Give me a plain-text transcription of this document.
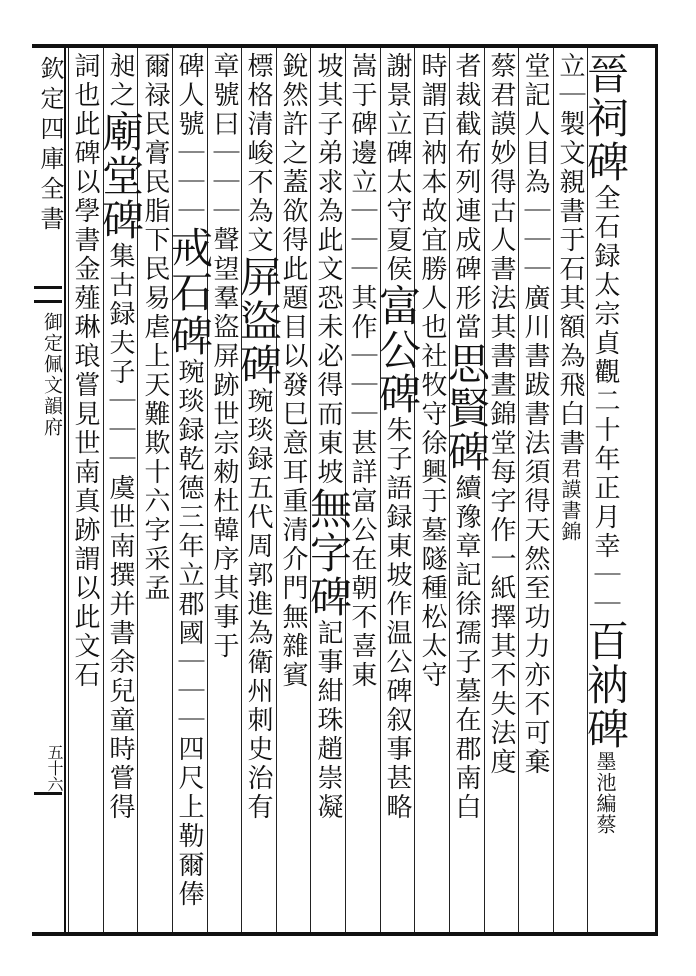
欽定四庫全書
御定佩文韻府
五十六
晉祠碑全石録太宗貞觀二十年正月幸｜｜百衲碑墨池編蔡
立｜製文親書于石其額為飛白書君謨書錦
堂記人目為｜｜｜廣川書跋書法須得天然至功力亦不可棄
蔡君謨妙得古人書法其書晝錦堂每字作一紙擇其不失法度
者裁截布列連成碑形當思賢碑續豫章記徐孺子墓在郡南白
時謂百衲本故宜勝人也社牧守徐興于墓隧種松太守
謝景立碑太守夏侯富公碑朱子語録東坡作温公碑叙事甚略
嵩于碑邊立｜｜｜其作｜｜｜甚詳富公在朝不喜東
坡其子弟求為此文恐未必得而東坡無字碑記事紺珠趙崇凝
銳然許之蓋欲得此題目以發巳意耳重清介門無雜賓
標格清峻不為文屏盜碑琬琰録五代周郭進為衛州刺史治有
章號曰｜｜｜聲望羣盜屏跡世宗勑杜韓序其事于
碑人號｜｜｜戒石碑琬琰録乾德三年立郡國｜｜｜四尺上勒爾俸
爾禄民膏民脂下民易虐上天難欺十六字采孟
昶之廟堂碑集古録夫子｜｜｜虞世南撰并書余兒童時嘗得
詞也此碑以學書金薤琳琅嘗見世南真跡謂以此文石
